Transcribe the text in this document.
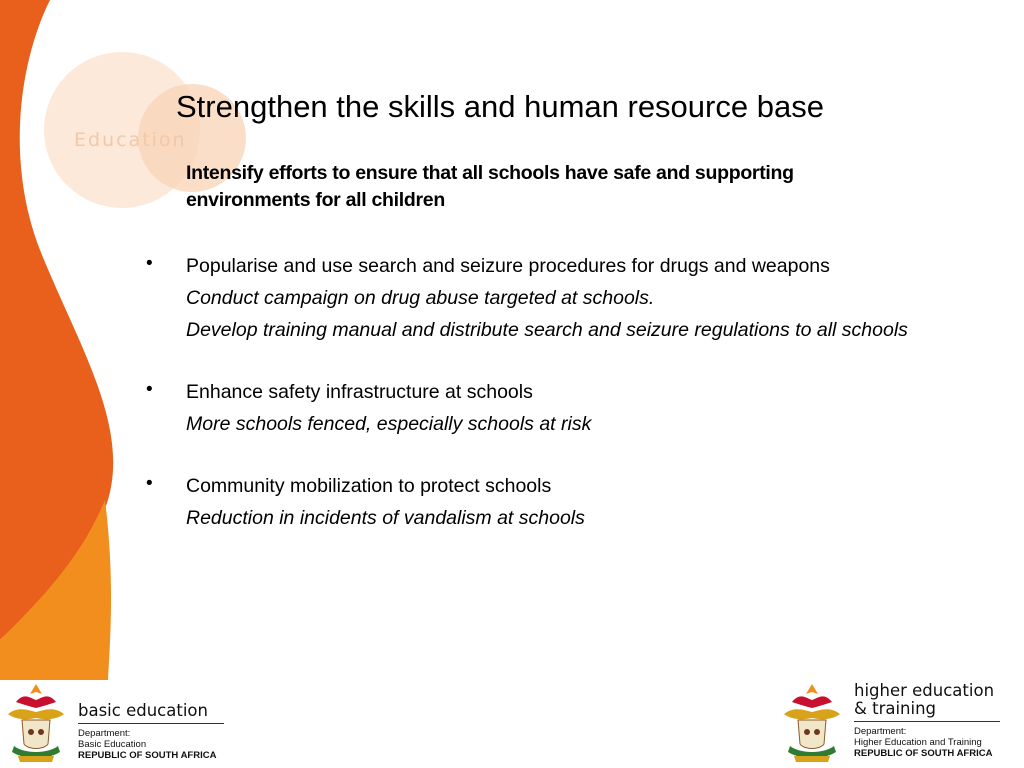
Education
Strengthen the skills and human resource base

Intensify efforts to ensure that all schools have safe and supporting environments for all children

• Popularise and use search and seizure procedures for drugs and weapons
Conduct campaign on drug abuse targeted at schools.
Develop training manual and distribute search and seizure regulations to all schools
• Enhance safety infrastructure at schools
More schools fenced, especially schools at risk
• Community mobilization to protect schools
Reduction in incidents of vandalism at schools
basic education
Department:
Basic Education
REPUBLIC OF SOUTH AFRICA
higher education
& training
Department:
Higher Education and Training
REPUBLIC OF SOUTH AFRICA
